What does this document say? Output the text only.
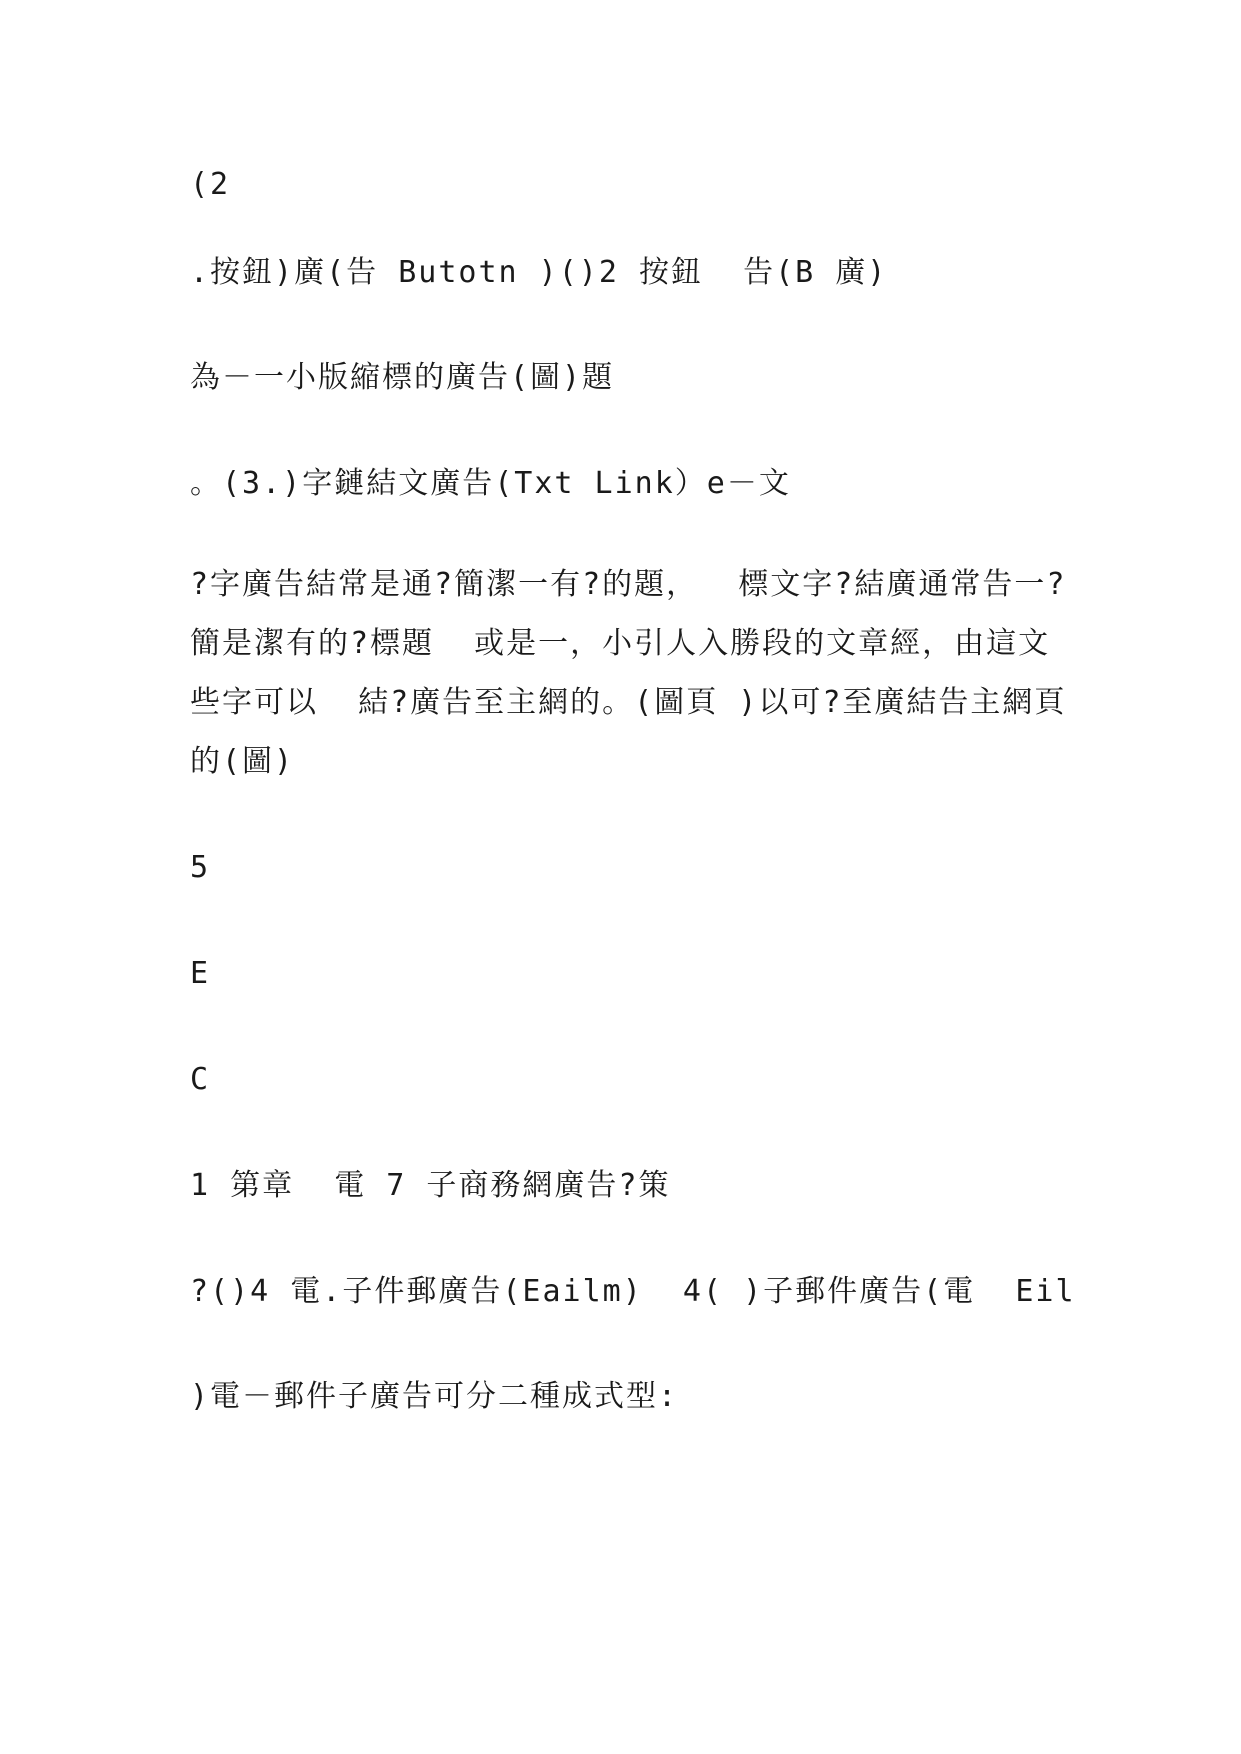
(2
.按鈕)廣(告 Butotn )()2 按鈕  告(B 廣)
為－一小版縮標的廣告(圖)題
。(3.)字鏈結文廣告(Txt Link）e－文
?字廣告結常是通?簡潔一有?的題，  標文字?結廣通常告一?
簡是潔有的?標題  或是一，小引人入勝段的文章經，由這文
些字可以  結?廣告至主網的。(圖頁 )以可?至廣結告主網頁
的(圖)
5
E
C
1 第章  電 7 子商務網廣告?策
?()4 電.子件郵廣告(Eailm)  4( )子郵件廣告(電  Eil
)電－郵件子廣告可分二種成式型:
